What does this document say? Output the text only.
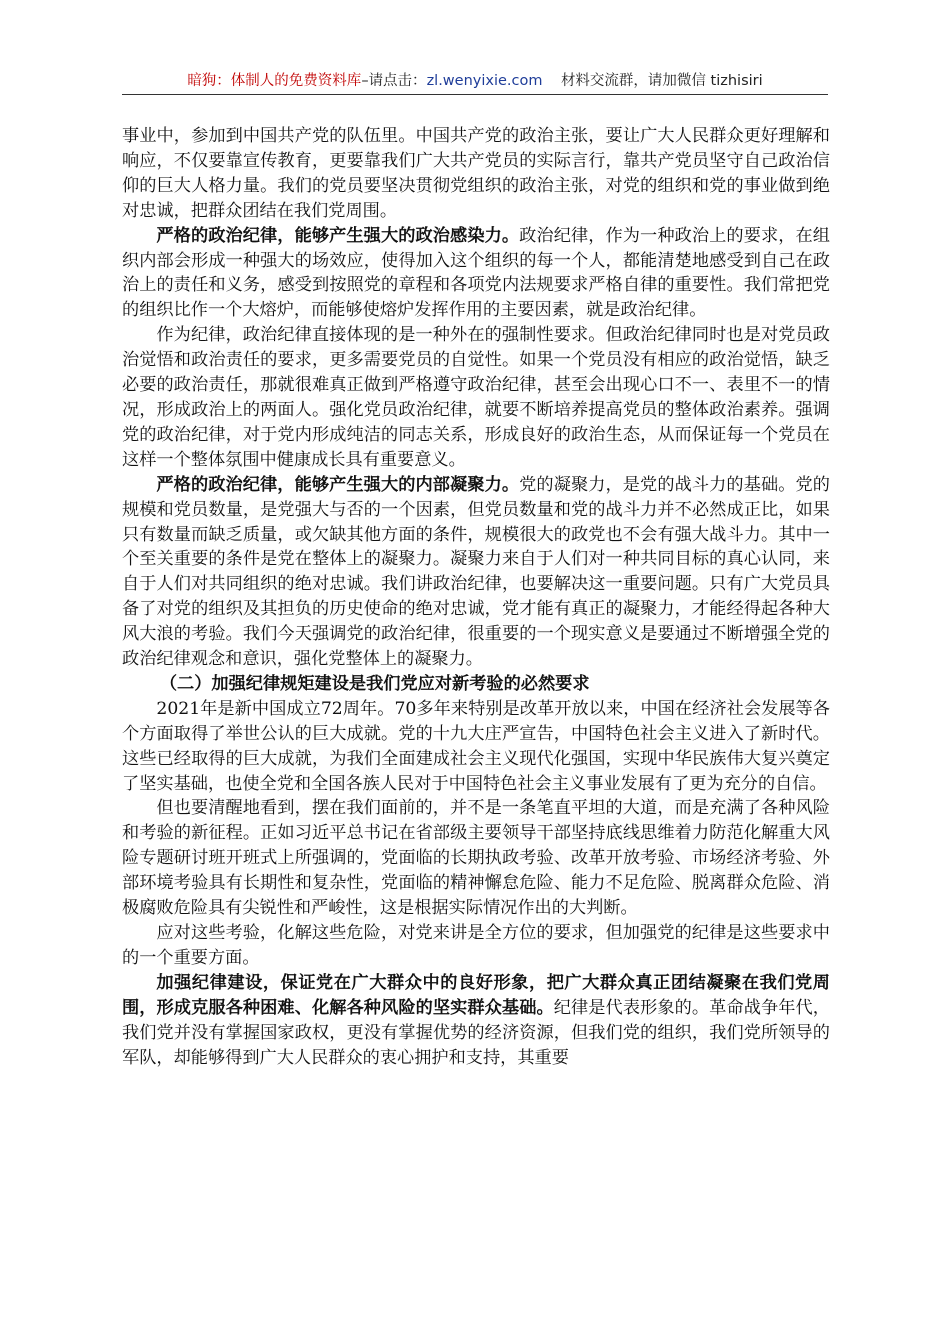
暗狗：体制人的免费资料库–请点击：zl.wenyixie.com 材料交流群，请加微信 tizhisiri

事业中，参加到中国共产党的队伍里。中国共产党的政治主张，要让广大人民群众更好理解和响应，不仅要靠宣传教育，更要靠我们广大共产党员的实际言行，靠共产党员坚守自己政治信仰的巨大人格力量。我们的党员要坚决贯彻党组织的政治主张，对党的组织和党的事业做到绝对忠诚，把群众团结在我们党周围。

严格的政治纪律，能够产生强大的政治感染力。政治纪律，作为一种政治上的要求，在组织内部会形成一种强大的场效应，使得加入这个组织的每一个人，都能清楚地感受到自己在政治上的责任和义务，感受到按照党的章程和各项党内法规要求严格自律的重要性。我们常把党的组织比作一个大熔炉，而能够使熔炉发挥作用的主要因素，就是政治纪律。

作为纪律，政治纪律直接体现的是一种外在的强制性要求。但政治纪律同时也是对党员政治觉悟和政治责任的要求，更多需要党员的自觉性。如果一个党员没有相应的政治觉悟，缺乏必要的政治责任，那就很难真正做到严格遵守政治纪律，甚至会出现心口不一、表里不一的情况，形成政治上的两面人。强化党员政治纪律，就要不断培养提高党员的整体政治素养。强调党的政治纪律，对于党内形成纯洁的同志关系，形成良好的政治生态，从而保证每一个党员在这样一个整体氛围中健康成长具有重要意义。

严格的政治纪律，能够产生强大的内部凝聚力。党的凝聚力，是党的战斗力的基础。党的规模和党员数量，是党强大与否的一个因素，但党员数量和党的战斗力并不必然成正比，如果只有数量而缺乏质量，或欠缺其他方面的条件，规模很大的政党也不会有强大战斗力。其中一个至关重要的条件是党在整体上的凝聚力。凝聚力来自于人们对一种共同目标的真心认同，来自于人们对共同组织的绝对忠诚。我们讲政治纪律，也要解决这一重要问题。只有广大党员具备了对党的组织及其担负的历史使命的绝对忠诚，党才能有真正的凝聚力，才能经得起各种大风大浪的考验。我们今天强调党的政治纪律，很重要的一个现实意义是要通过不断增强全党的政治纪律观念和意识，强化党整体上的凝聚力。

（二）加强纪律规矩建设是我们党应对新考验的必然要求

2021年是新中国成立72周年。70多年来特别是改革开放以来，中国在经济社会发展等各个方面取得了举世公认的巨大成就。党的十九大庄严宣告，中国特色社会主义进入了新时代。这些已经取得的巨大成就，为我们全面建成社会主义现代化强国，实现中华民族伟大复兴奠定了坚实基础，也使全党和全国各族人民对于中国特色社会主义事业发展有了更为充分的自信。

但也要清醒地看到，摆在我们面前的，并不是一条笔直平坦的大道，而是充满了各种风险和考验的新征程。正如习近平总书记在省部级主要领导干部坚持底线思维着力防范化解重大风险专题研讨班开班式上所强调的，党面临的长期执政考验、改革开放考验、市场经济考验、外部环境考验具有长期性和复杂性，党面临的精神懈怠危险、能力不足危险、脱离群众危险、消极腐败危险具有尖锐性和严峻性，这是根据实际情况作出的大判断。

应对这些考验，化解这些危险，对党来讲是全方位的要求，但加强党的纪律是这些要求中的一个重要方面。

加强纪律建设，保证党在广大群众中的良好形象，把广大群众真正团结凝聚在我们党周围，形成克服各种困难、化解各种风险的坚实群众基础。纪律是代表形象的。革命战争年代，我们党并没有掌握国家政权，更没有掌握优势的经济资源，但我们党的组织，我们党所领导的军队，却能够得到广大人民群众的衷心拥护和支持，其重要
